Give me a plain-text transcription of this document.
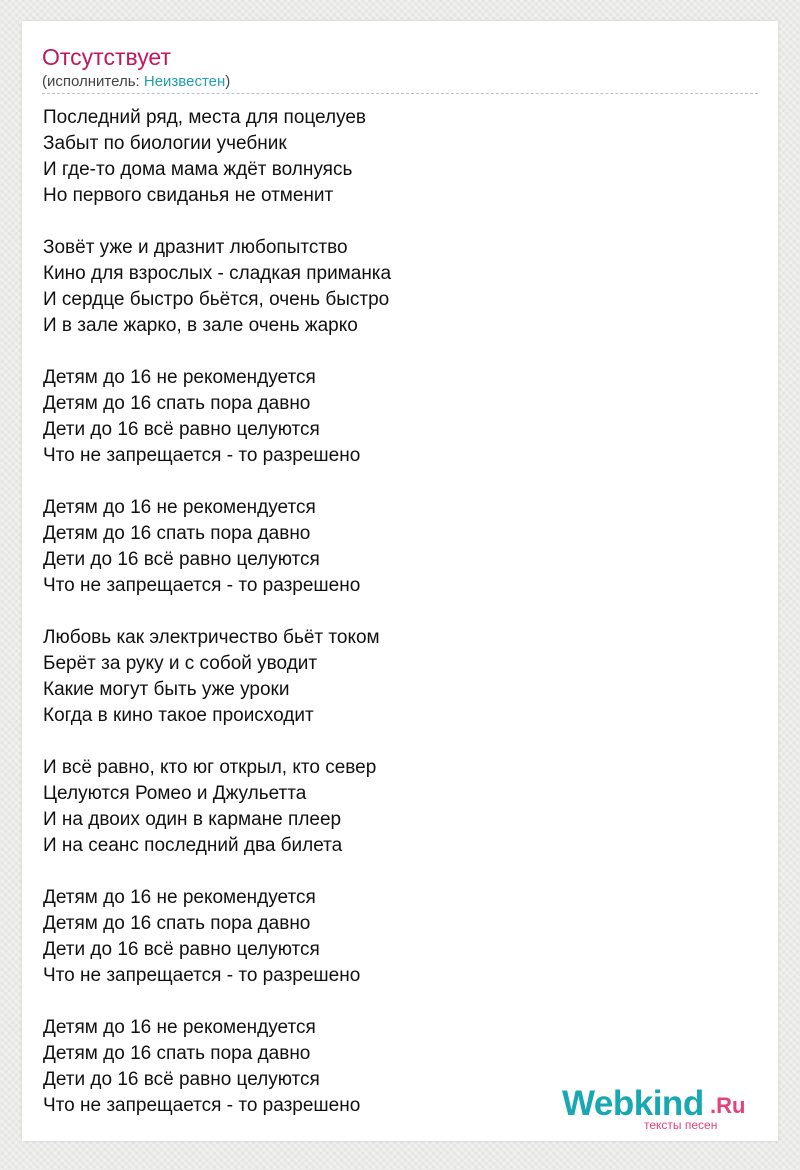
Отсутствует
(исполнитель: Неизвестен)
Последний ряд, места для поцелуев
Забыт по биологии учебник
И где-то дома мама ждёт волнуясь
Но первого свиданья не отменит
Зовёт уже и дразнит любопытство
Кино для взрослых - сладкая приманка
И сердце быстро бьётся, очень быстро
И в зале жарко, в зале очень жарко
Детям до 16 не рекомендуется
Детям до 16 спать пора давно
Дети до 16 всё равно целуются
Что не запрещается - то разрешено
Детям до 16 не рекомендуется
Детям до 16 спать пора давно
Дети до 16 всё равно целуются
Что не запрещается - то разрешено
Любовь как электричество бьёт током
Берёт за руку и с собой уводит
Какие могут быть уже уроки
Когда в кино такое происходит
И всё равно, кто юг открыл, кто север
Целуются Ромео и Джульетта
И на двоих один в кармане плеер
И на сеанс последний два билета
Детям до 16 не рекомендуется
Детям до 16 спать пора давно
Дети до 16 всё равно целуются
Что не запрещается - то разрешено
Детям до 16 не рекомендуется
Детям до 16 спать пора давно
Дети до 16 всё равно целуются
Что не запрещается - то разрешено	Webkind .Ru
тексты песен
